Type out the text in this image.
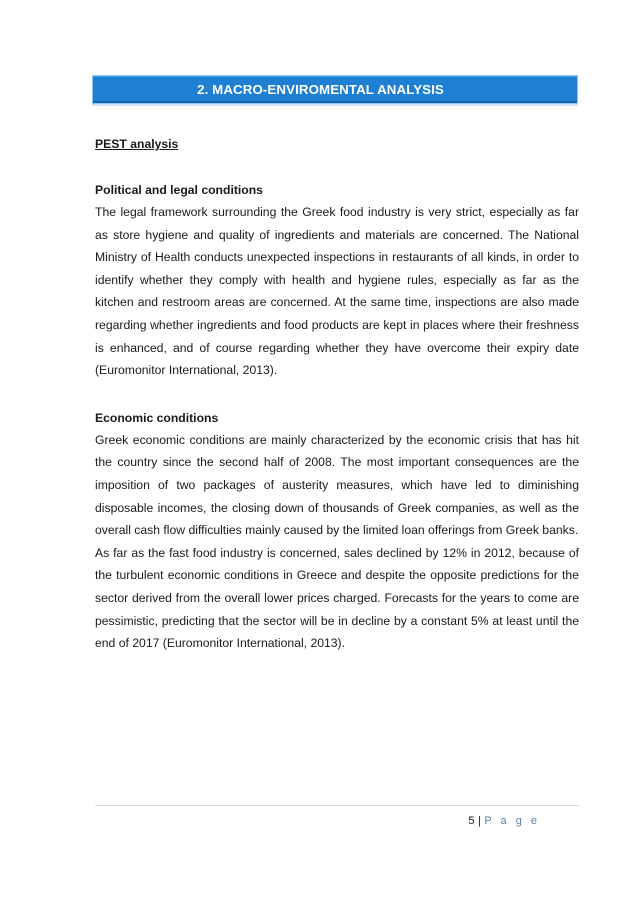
2. MACRO-ENVIROMENTAL ANALYSIS

PEST analysis

Political and legal conditions

The legal framework surrounding the Greek food industry is very strict, especially as far as store hygiene and quality of ingredients and materials are concerned. The National Ministry of Health conducts unexpected inspections in restaurants of all kinds, in order to identify whether they comply with health and hygiene rules, especially as far as the kitchen and restroom areas are concerned. At the same time, inspections are also made regarding whether ingredients and food products are kept in places where their freshness is enhanced, and of course regarding whether they have overcome their expiry date (Euromonitor International, 2013).

Economic conditions

Greek economic conditions are mainly characterized by the economic crisis that has hit the country since the second half of 2008. The most important consequences are the imposition of two packages of austerity measures, which have led to diminishing disposable incomes, the closing down of thousands of Greek companies, as well as the overall cash flow difficulties mainly caused by the limited loan offerings from Greek banks.

As far as the fast food industry is concerned, sales declined by 12% in 2012, because of the turbulent economic conditions in Greece and despite the opposite predictions for the sector derived from the overall lower prices charged. Forecasts for the years to come are pessimistic, predicting that the sector will be in decline by a constant 5% at least until the end of 2017 (Euromonitor International, 2013).

5 | P a g e
